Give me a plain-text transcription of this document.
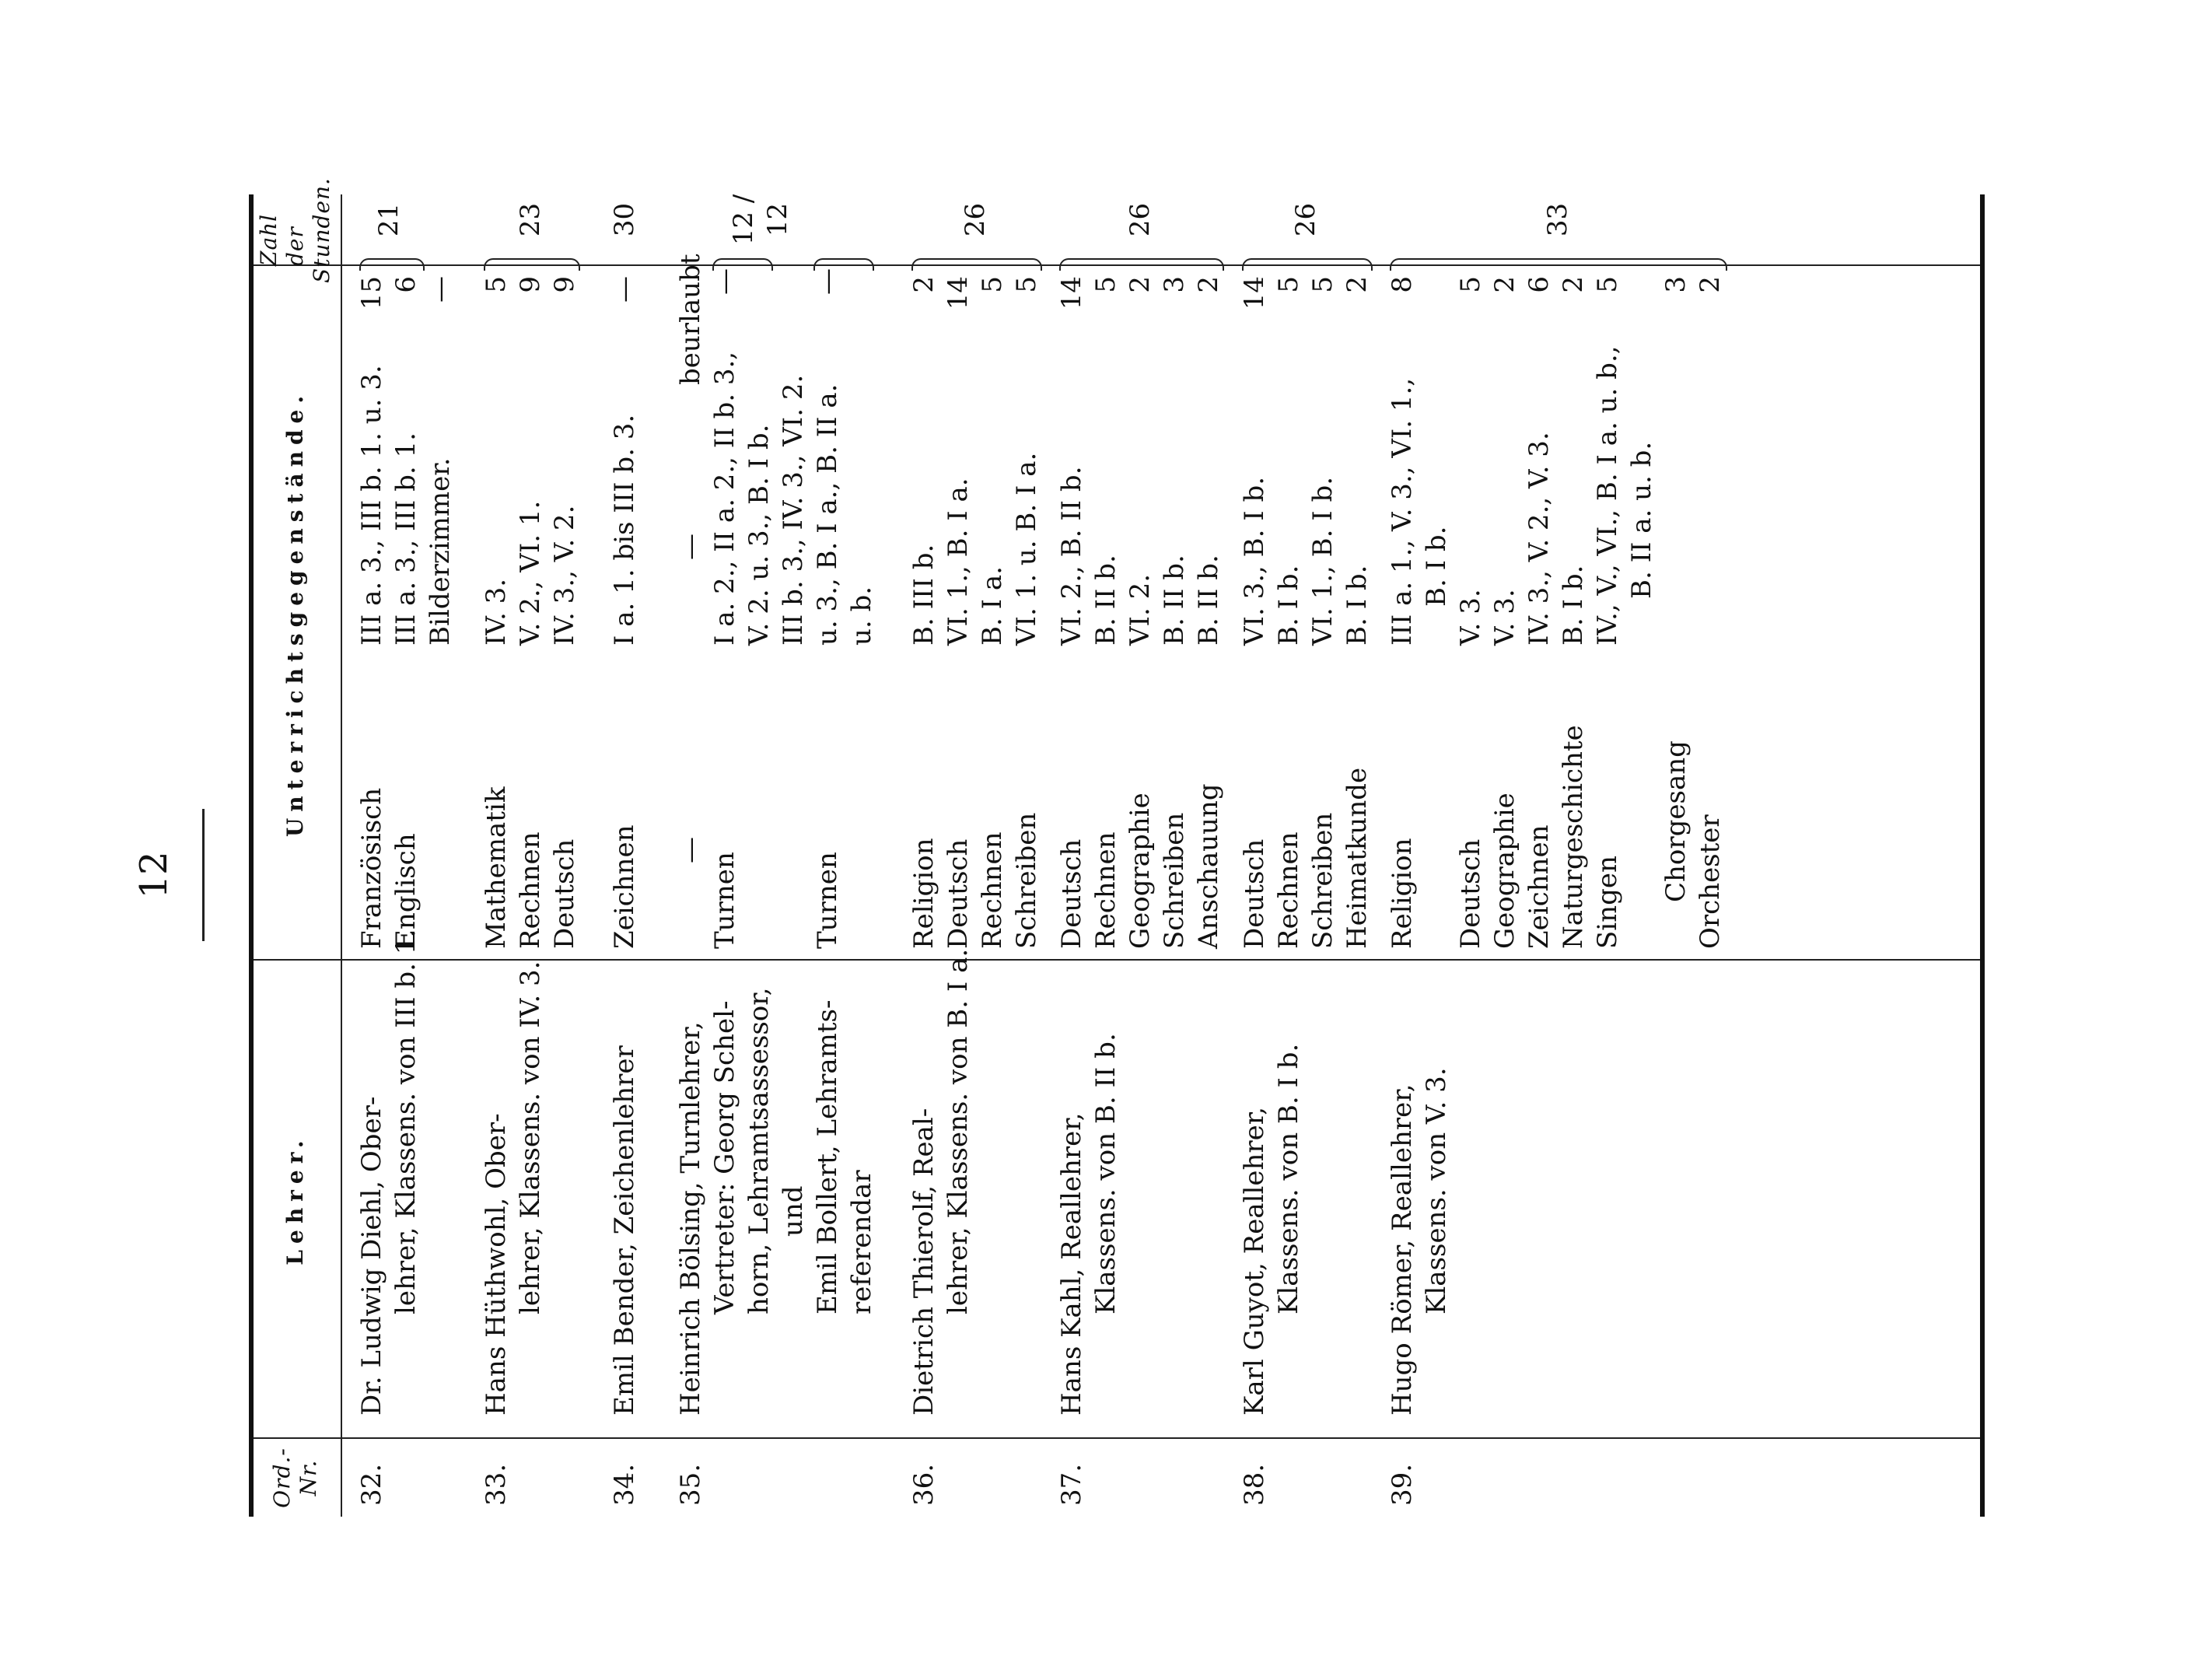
12
Ord.- Nr.
Lehrer.
Unterrichtsgegenstände.
Zahl der Stunden.
32.
Dr. Ludwig Diehl, Ober- lehrer, Klassens. von III b. 1.
Französisch Englisch
III a. 3., III b. 1. u. 3. III a. 3., III b. 1. Bilderzimmer.
15 6 —
21
33.
Hans Hüthwohl, Ober- lehrer, Klassens. von IV. 3.
Mathematik Rechnen Deutsch
IV. 3. V. 2., VI. 1. IV. 3., V. 2.
5 9 9
23
34.
Emil Bender, Zeichenlehrer
Zeichnen
I a. 1. bis III b. 3.
—
30
35.
Heinrich Bölsing, Turnlehrer, Vertreter: Georg Schel- horn, Lehramtsassessor, und Emil Bollert, Lehramts- referendar
—
Turnen

	Turnen
— I a. 2., II a. 2., II b. 3., V. 2. u. 3., B. I b. III b. 3., IV. 3., VI. 2. u. 3., B. I a., B. II a. u. b.
beurlaubt —

	—
12 / 12
36.
Dietrich Thierolf, Real- lehrer, Klassens. von B. I a.
Religion Deutsch Rechnen Schreiben
B. III b. VI. 1., B. I a. B. I a. VI. 1. u. B. I a.
2 14 5 5
26
37.
Hans Kahl, Reallehrer, Klassens. von B. II b.
Deutsch Rechnen Geographie Schreiben Anschauung
VI. 2., B. II b. B. II b. VI. 2. B. II b. B. II b.
14 5 2 3 2
26
38.
Karl Guyot, Reallehrer, Klassens. von B. I b.
Deutsch Rechnen Schreiben Heimatkunde
VI. 3., B. I b. B. I b. VI. 1., B. I b. B. I b.
14 5 5 2
26
39.
Hugo Römer, Reallehrer, Klassens. von V. 3.
Religion
Deutsch Geographie Zeichnen Naturgeschichte Singen

Chorgesang Orchester
III a. 1., V. 3., VI. 1., B. I b.
V. 3. V. 3. IV. 3., V. 2., V. 3. B. I b. IV., V., VI., B. I a. u. b., B. II a. u. b.
8
5 2 6 2 5
3 2
33
